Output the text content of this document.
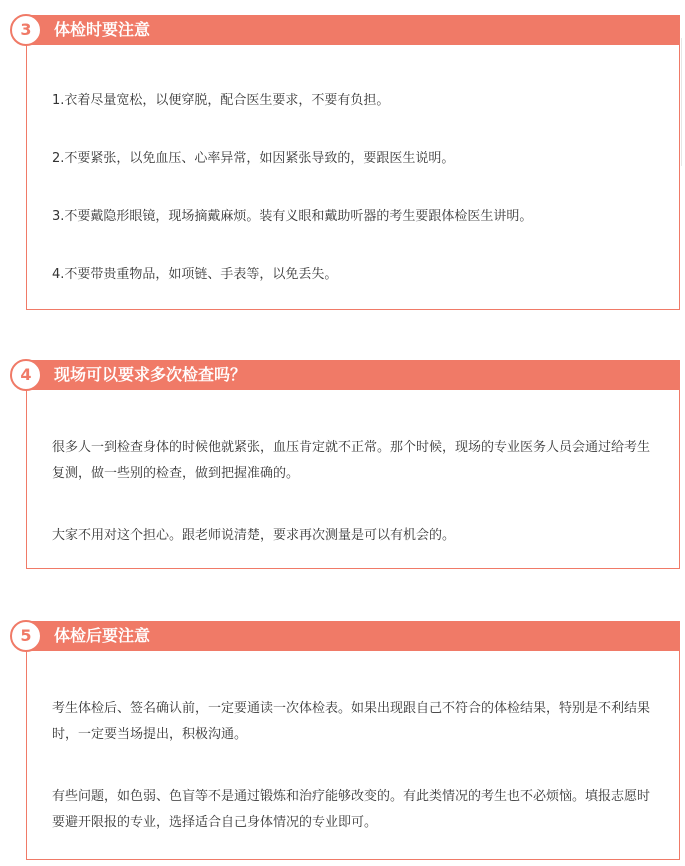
体检时要注意
3

1.衣着尽量宽松，以便穿脱，配合医生要求，不要有负担。

2.不要紧张，以免血压、心率异常，如因紧张导致的，要跟医生说明。

3.不要戴隐形眼镜，现场摘戴麻烦。装有义眼和戴助听器的考生要跟体检医生讲明。

4.不要带贵重物品，如项链、手表等，以免丢失。

现场可以要求多次检查吗？
4

很多人一到检查身体的时候他就紧张，血压肯定就不正常。那个时候，现场的专业医务人员会通过给考生复测，做一些别的检查，做到把握准确的。

大家不用对这个担心。跟老师说清楚，要求再次测量是可以有机会的。

体检后要注意
5

考生体检后、签名确认前，一定要通读一次体检表。如果出现跟自己不符合的体检结果，特别是不利结果时，一定要当场提出，积极沟通。

有些问题，如色弱、色盲等不是通过锻炼和治疗能够改变的。有此类情况的考生也不必烦恼。填报志愿时要避开限报的专业，选择适合自己身体情况的专业即可。
